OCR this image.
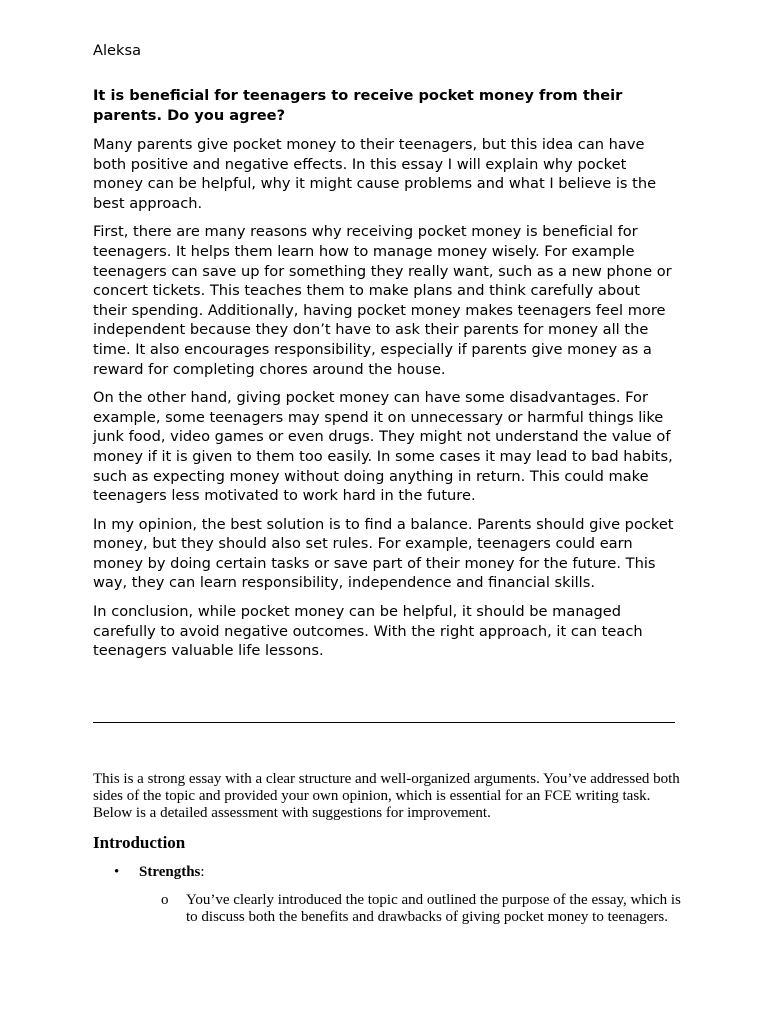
Aleksa
It is beneficial for teenagers to receive pocket money from their parents. Do you agree?

Many parents give pocket money to their teenagers, but this idea can have both positive and negative effects. In this essay I will explain why pocket money can be helpful, why it might cause problems and what I believe is the best approach.

First, there are many reasons why receiving pocket money is beneficial for teenagers. It helps them learn how to manage money wisely. For example teenagers can save up for something they really want, such as a new phone or concert tickets. This teaches them to make plans and think carefully about their spending. Additionally, having pocket money makes teenagers feel more independent because they don’t have to ask their parents for money all the time. It also encourages responsibility, especially if parents give money as a reward for completing chores around the house.

On the other hand, giving pocket money can have some disadvantages. For example, some teenagers may spend it on unnecessary or harmful things like junk food, video games or even drugs. They might not understand the value of money if it is given to them too easily. In some cases it may lead to bad habits, such as expecting money without doing anything in return. This could make teenagers less motivated to work hard in the future.

In my opinion, the best solution is to find a balance. Parents should give pocket money, but they should also set rules. For example, teenagers could earn money by doing certain tasks or save part of their money for the future. This way, they can learn responsibility, independence and financial skills.

In conclusion, while pocket money can be helpful, it should be managed carefully to avoid negative outcomes. With the right approach, it can teach teenagers valuable life lessons.

This is a strong essay with a clear structure and well-organized arguments. You’ve addressed both sides of the topic and provided your own opinion, which is essential for an FCE writing task. Below is a detailed assessment with suggestions for improvement.
Introduction
• Strengths:
o You’ve clearly introduced the topic and outlined the purpose of the essay, which is to discuss both the benefits and drawbacks of giving pocket money to teenagers.
